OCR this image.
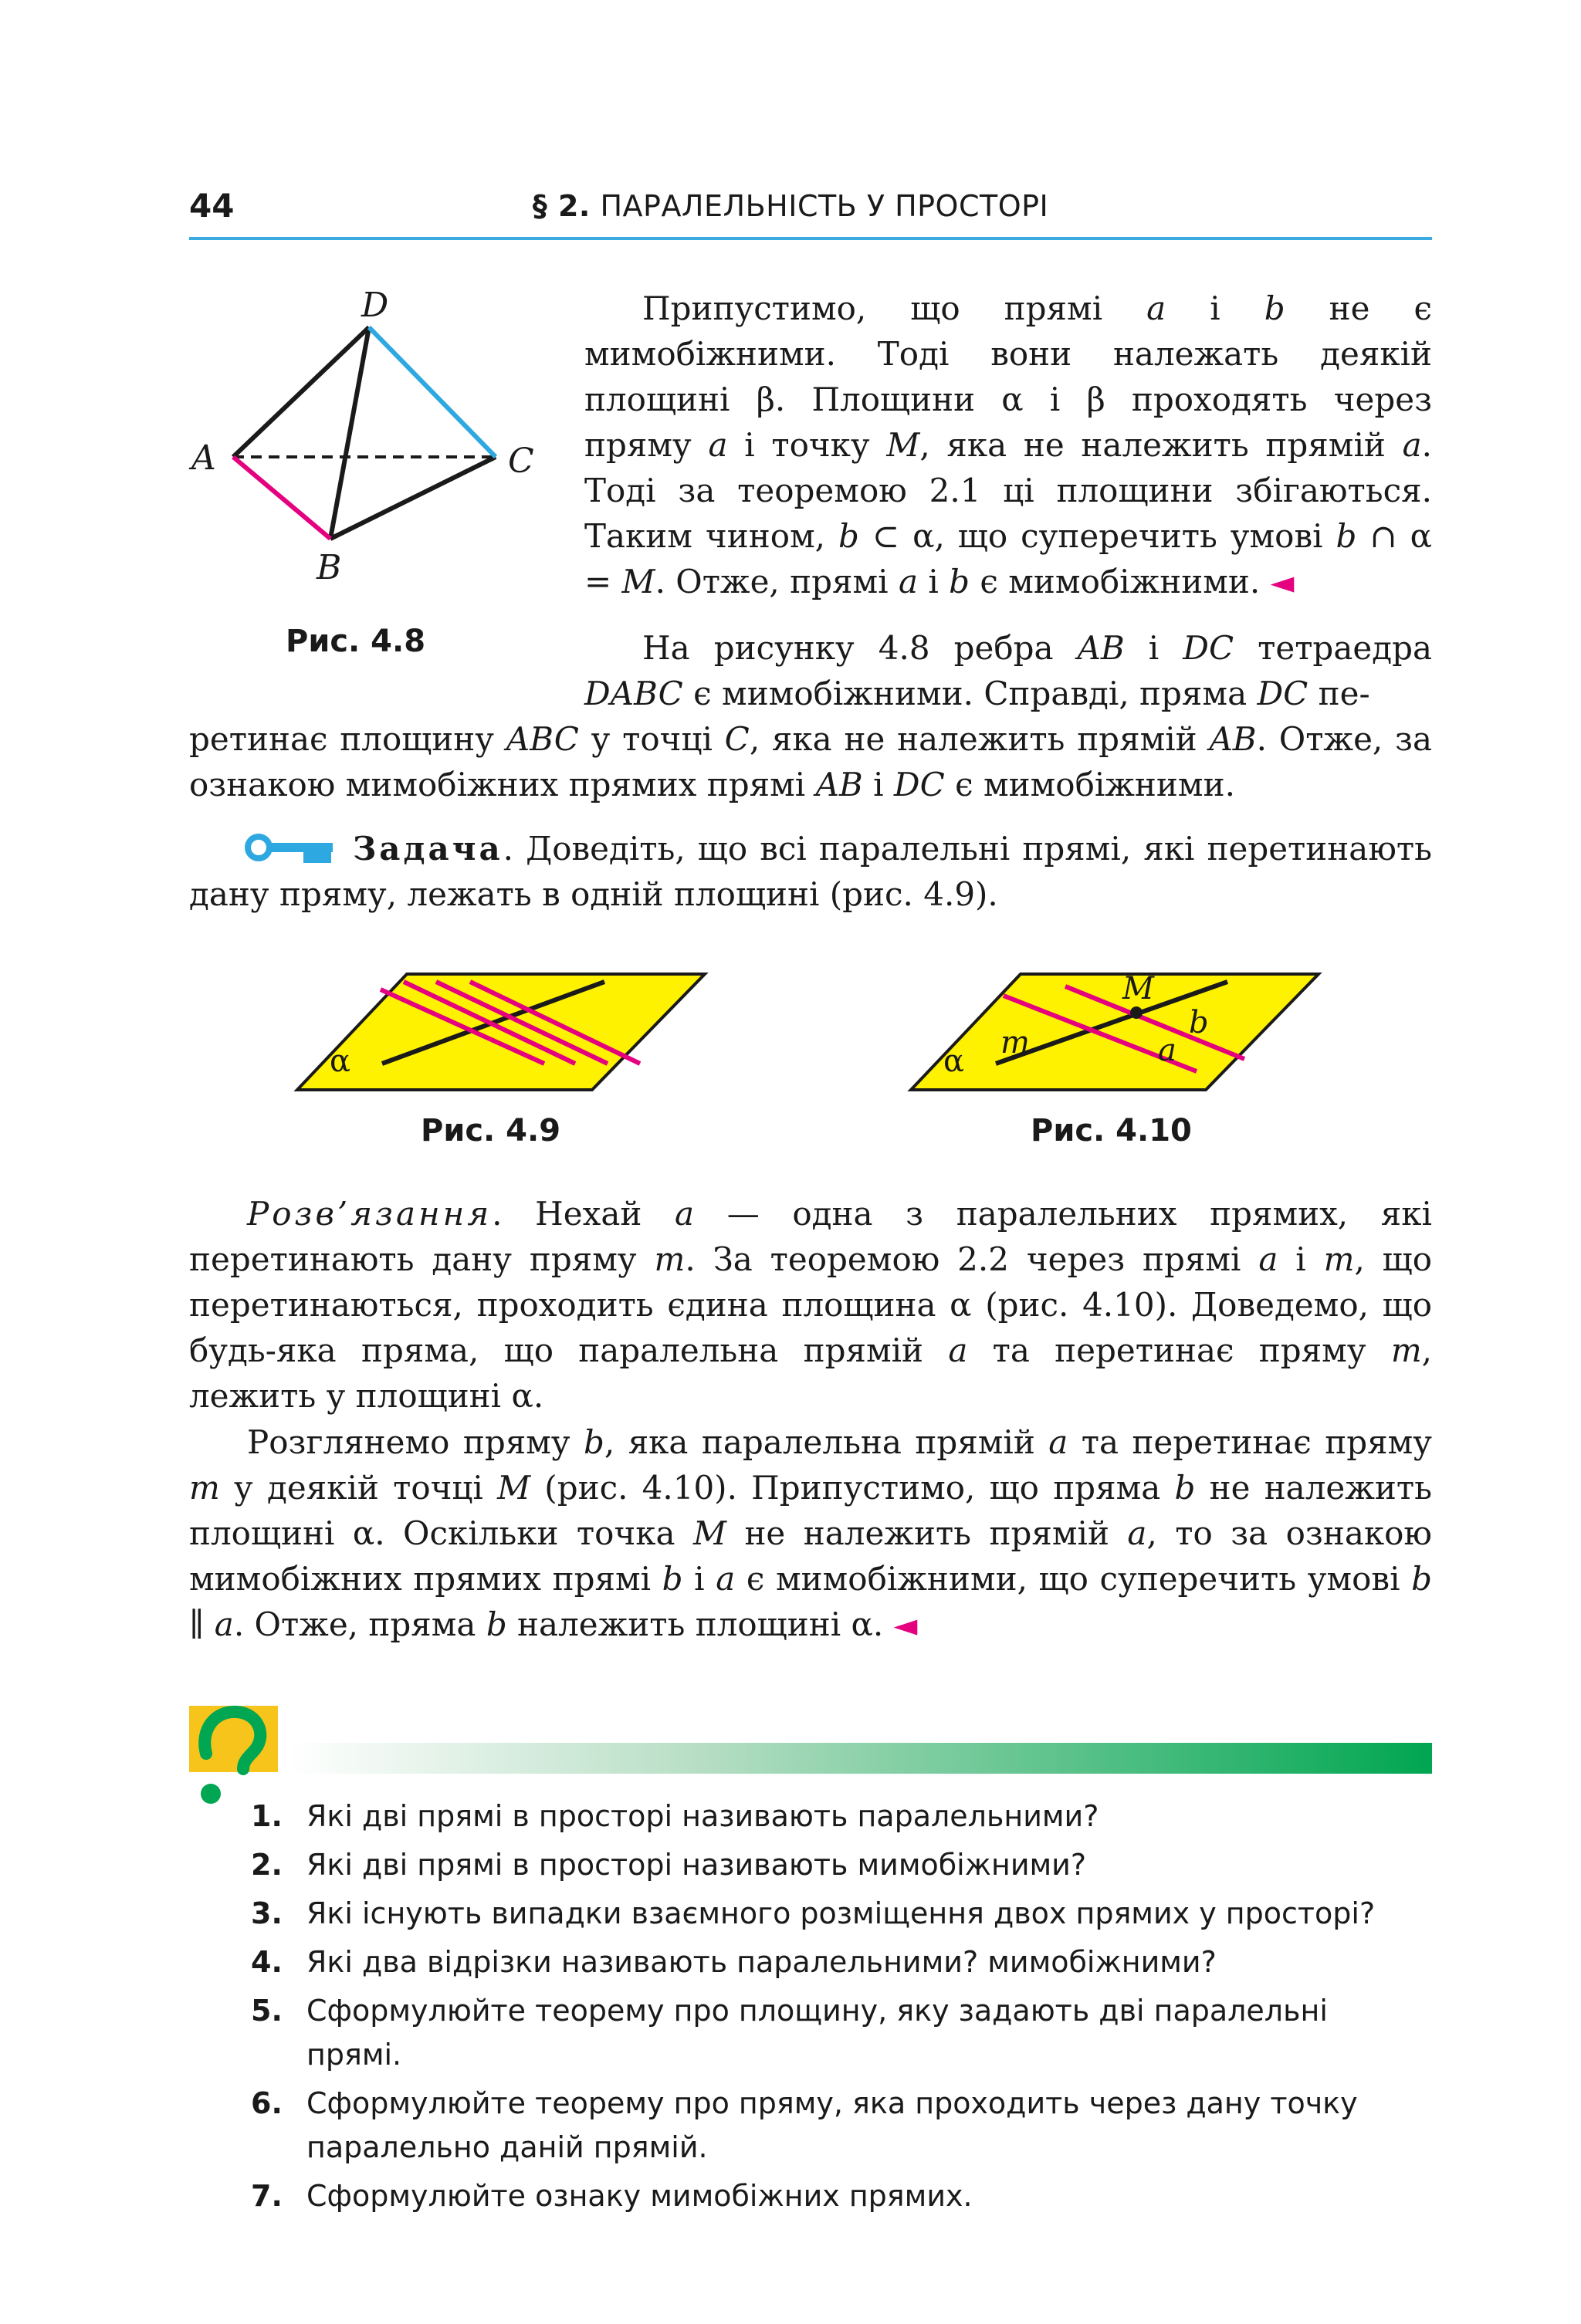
44	§ 2. ПАРАЛЕЛЬНІСТЬ У ПРОСТОРІ
D
A	C
B
Рис. 4.8

Припустимо, що прямі a і b не є мимобіжними. Тоді вони належать деякій площині β. Площини α і β проходять через пряму a і точку M, яка не належить прямій a. Тоді за теоремою 2.1 ці площини збігаються. Таким чином, b ⊂ α, що суперечить умові b ∩ α = M. Отже, прямі a і b є мимобіжними. ◄

На рисунку 4.8 ребра AB і DC тетраедра DABC є мимобіжними. Справді, пряма DC пе-

ретинає площину ABC у точці C, яка не належить прямій AB. Отже, за ознакою мимобіжних прямих прямі AB і DC є мимобіжними.

Задача. Доведіть, що всі паралельні прямі, які перетинають дану пряму, лежать в одній площині (рис. 4.9).

α
Рис. 4.9
α
m
M
b
a
Рис. 4.10

Розв’язання. Нехай a — одна з паралельних прямих, які перетинають дану пряму m. За теоремою 2.2 через прямі a і m, що перетинаються, проходить єдина площина α (рис. 4.10). Доведемо, що будь-яка пряма, що паралельна прямій a та перетинає пряму m, лежить у площині α.

Розглянемо пряму b, яка паралельна прямій a та перетинає пряму m у деякій точці M (рис. 4.10). Припустимо, що пряма b не належить площині α. Оскільки точка M не належить прямій a, то за ознакою мимобіжних прямих прямі b і a є мимобіжними, що суперечить умові b ∥ a. Отже, пряма b належить площині α. ◄

1. Які дві прямі в просторі називають паралельними?
2. Які дві прямі в просторі називають мимобіжними?
3. Які існують випадки взаємного розміщення двох прямих у просторі?
4. Які два відрізки називають паралельними? мимобіжними?
5. Сформулюйте теорему про площину, яку задають дві паралельні прямі.
6. Сформулюйте теорему про пряму, яка проходить через дану точку паралельно даній прямій.
7. Сформулюйте ознаку мимобіжних прямих.
